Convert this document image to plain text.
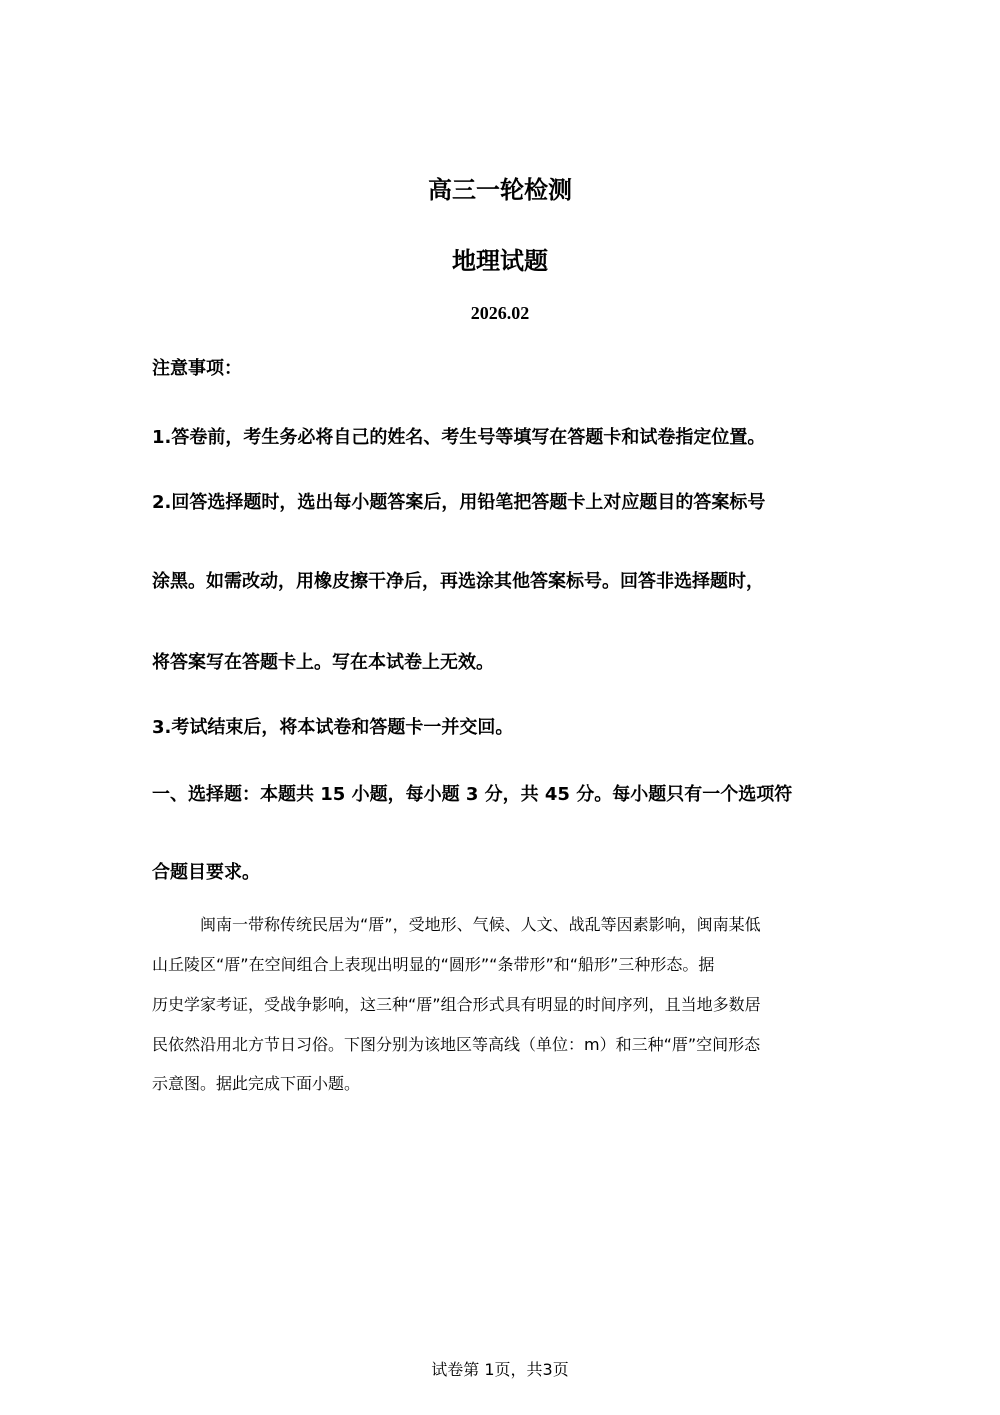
高三一轮检测
地理试题
2026.02
注意事项：
1.答卷前，考生务必将自己的姓名、考生号等填写在答题卡和试卷指定位置。
2.回答选择题时，选出每小题答案后，用铅笔把答题卡上对应题目的答案标号
涂黑。如需改动，用橡皮擦干净后，再选涂其他答案标号。回答非选择题时，
将答案写在答题卡上。写在本试卷上无效。
3.考试结束后，将本试卷和答题卡一并交回。
一、选择题：本题共 15 小题，每小题 3 分，共 45 分。每小题只有一个选项符
合题目要求。
闽南一带称传统民居为“厝”，受地形、气候、人文、战乱等因素影响，闽南某低
山丘陵区“厝”在空间组合上表现出明显的“圆形”“条带形”和“船形”三种形态。据
历史学家考证，受战争影响，这三种“厝”组合形式具有明显的时间序列，且当地多数居
民依然沿用北方节日习俗。下图分别为该地区等高线（单位：m）和三种“厝”空间形态
示意图。据此完成下面小题。
试卷第 1页，共3页
